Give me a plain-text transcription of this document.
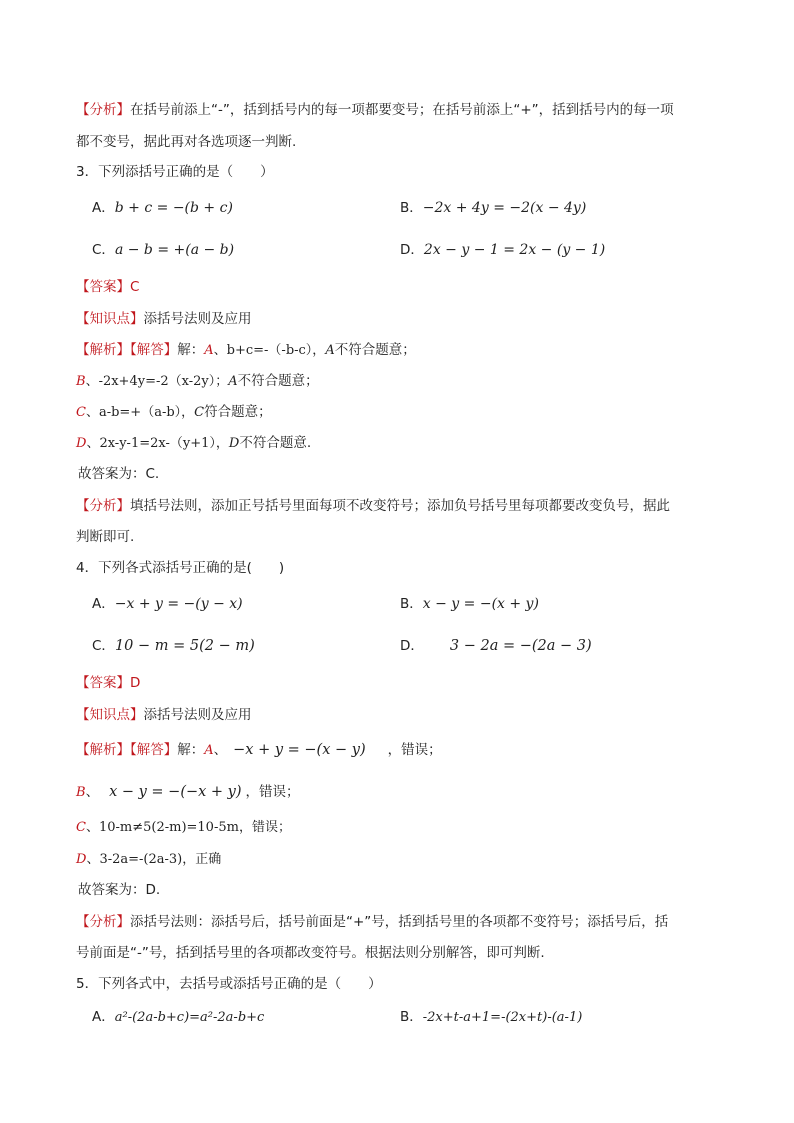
【分析】在括号前添上“-”，括到括号内的每一项都要变号；在括号前添上“+”，括到括号内的每一项
都不变号，据此再对各选项逐一判断.
3．下列添括号正确的是（　　）
A．b + c = −(b + c)	B．−2x + 4y = −2(x − 4y)
C．a − b = +(a − b)	D．2x − y − 1 = 2x − (y − 1)
【答案】C
【知识点】添括号法则及应用
【解析】【解答】解：A、b+c=-（-b-c），A不符合题意；
B、-2x+4y=-2（x-2y）；A不符合题意；
C、a-b=+（a-b），C符合题意；
D、2x-y-1=2x-（y+1），D不符合题意.
故答案为：C.
【分析】填括号法则，添加正号括号里面每项不改变符号；添加负号括号里每项都要改变负号，据此
判断即可.
4．下列各式添括号正确的是(　　)
A．−x + y = −(y − x)	B．x − y = −(x + y)
C．10 − m = 5(2 − m)	D． 3 − 2a = −(2a − 3)
【答案】D
【知识点】添括号法则及应用
【解析】【解答】解：A、 −x + y = −(x − y) ，错误；
B、 x − y = −(−x + y) ，错误；
C、10-m≠5(2-m)=10-5m，错误；
D、3-2a=-(2a-3)，正确
故答案为：D.
【分析】添括号法则：添括号后，括号前面是“+”号，括到括号里的各项都不变符号；添括号后，括
号前面是“-”号，括到括号里的各项都改变符号。根据法则分别解答，即可判断.
5．下列各式中，去括号或添括号正确的是（　　）
A．a²-(2a-b+c)=a²-2a-b+c	B．-2x+t-a+1=-(2x+t)-(a-1)
